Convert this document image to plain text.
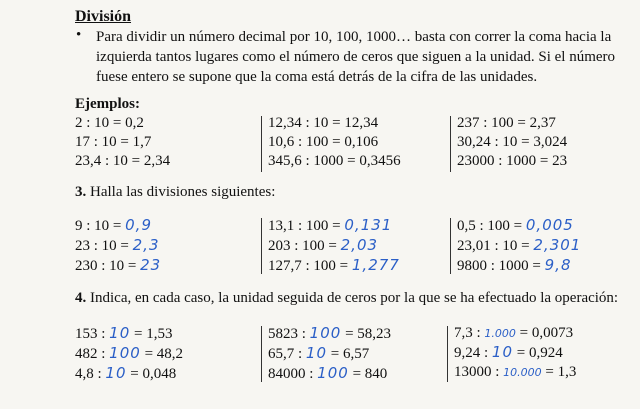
División
• Para dividir un número decimal por 10, 100, 1000… basta con correr la coma hacia la
izquierda tantos lugares como el número de ceros que siguen a la unidad. Si el número
fuese entero se supone que la coma está detrás de la cifra de las unidades.
Ejemplos:
2 : 10 = 0,2
17 : 10 = 1,7
23,4 : 10 = 2,34
12,34 : 10 = 12,34
10,6 : 100 = 0,106
345,6 : 1000 = 0,3456
237 : 100 = 2,37
30,24 : 10 = 3,024
23000 : 1000 = 23
3. Halla las divisiones siguientes:
9 : 10 = 0,9
23 : 10 = 2,3
230 : 10 = 23
13,1 : 100 = 0,131
203 : 100 = 2,03
127,7 : 100 = 1,277
0,5 : 100 = 0,005
23,01 : 10 = 2,301
9800 : 1000 = 9,8
4. Indica, en cada caso, la unidad seguida de ceros por la que se ha efectuado la operación:
153 : 10 = 1,53
482 : 100 = 48,2
4,8 : 10 = 0,048
5823 : 100 = 58,23
65,7 : 10 = 6,57
84000 : 100 = 840
7,3 : 1.000 = 0,0073
9,24 : 10 = 0,924
13000 : 10.000 = 1,3
